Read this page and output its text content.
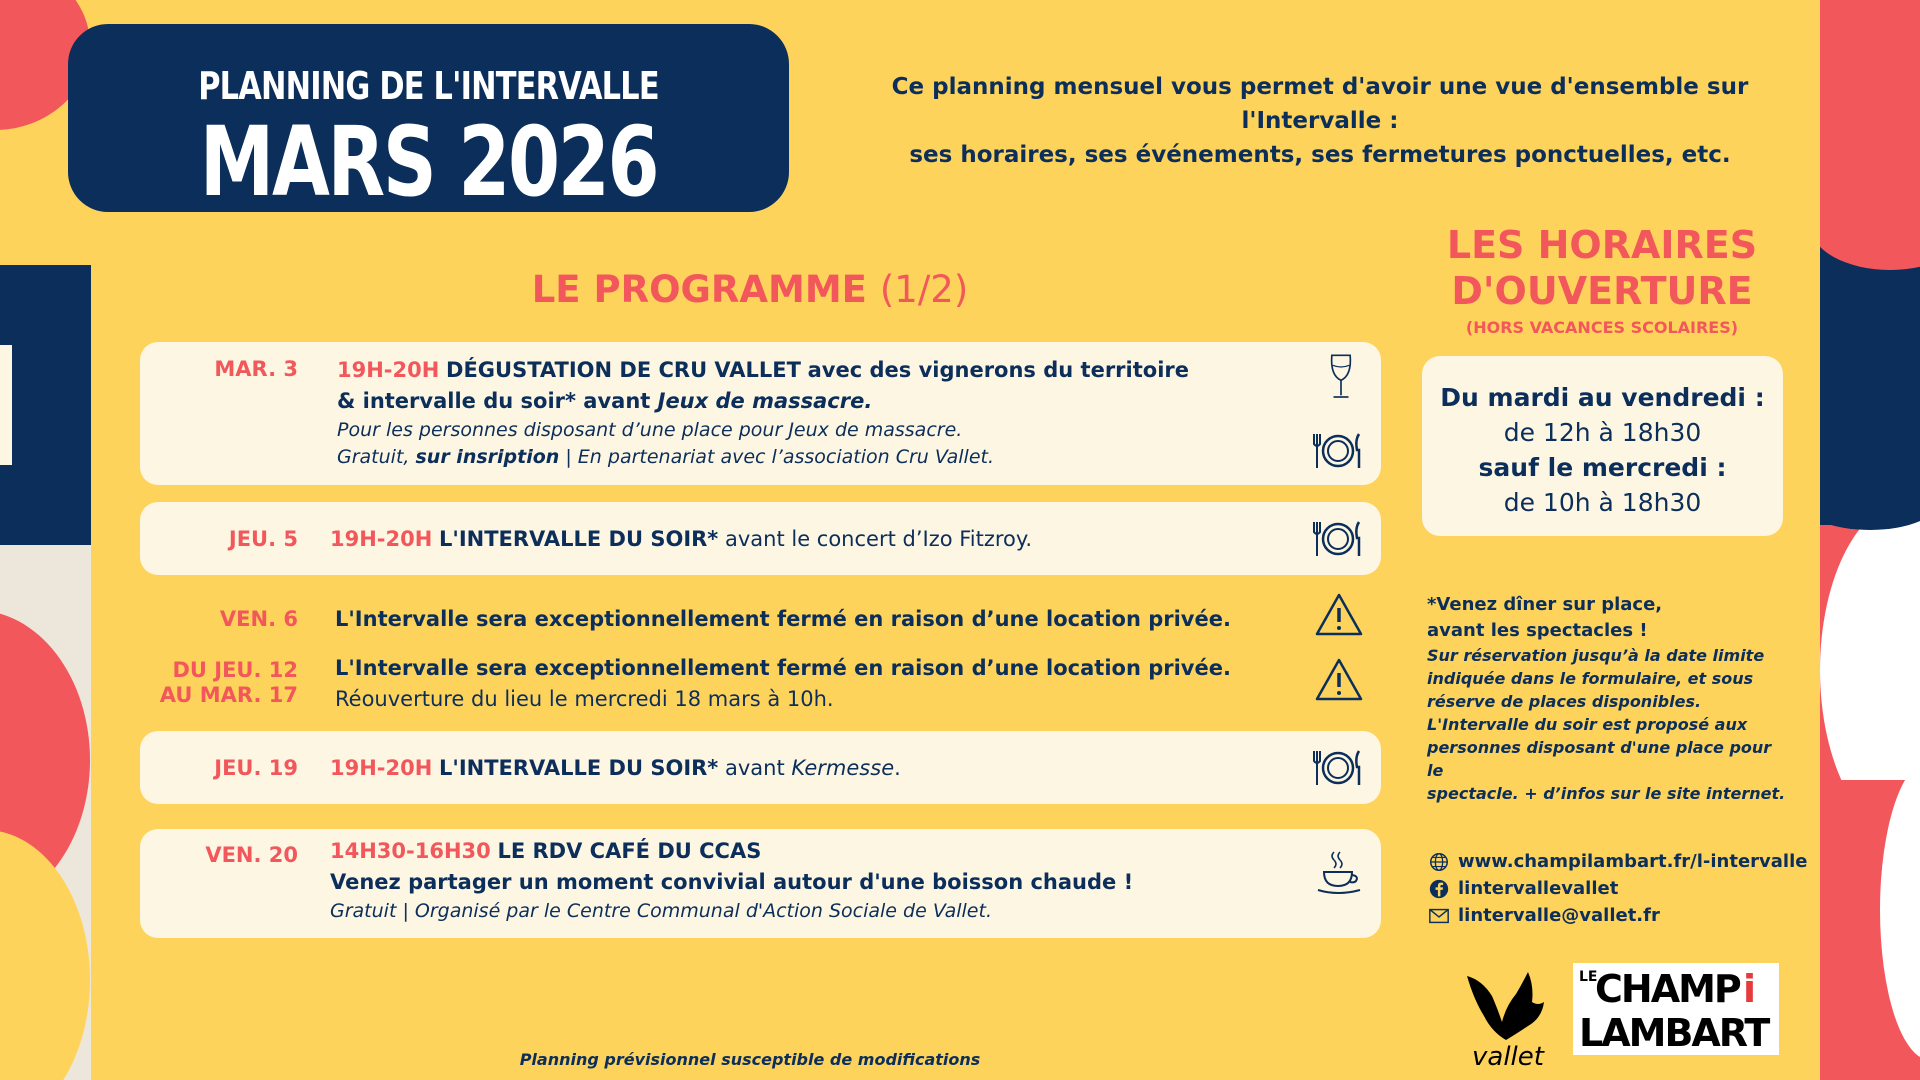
PLANNING DE L'INTERVALLE
MARS 2026
Ce planning mensuel vous permet d'avoir une vue d'ensemble sur l'Intervalle :
ses horaires, ses événements, ses fermetures ponctuelles, etc.
LE PROGRAMME (1/2)
MAR. 3 19H-20H DÉGUSTATION DE CRU VALLET avec des vignerons du territoire
& intervalle du soir* avant Jeux de massacre.
Pour les personnes disposant d’une place pour Jeux de massacre.
Gratuit, sur insription | En partenariat avec l’association Cru Vallet.
JEU. 5 19H-20H L'INTERVALLE DU SOIR* avant le concert d’Izo Fitzroy.
VEN. 6 L'Intervalle sera exceptionnellement fermé en raison d’une location privée.
DU JEU. 12
AU MAR. 17
L'Intervalle sera exceptionnellement fermé en raison d’une location privée.
Réouverture du lieu le mercredi 18 mars à 10h.
JEU. 19 19H-20H L'INTERVALLE DU SOIR* avant Kermesse.
VEN. 20 14H30-16H30 LE RDV CAFÉ DU CCAS
Venez partager un moment convivial autour d'une boisson chaude !
Gratuit | Organisé par le Centre Communal d'Action Sociale de Vallet.
LES HORAIRES
D'OUVERTURE
(HORS VACANCES SCOLAIRES)
Du mardi au vendredi :
de 12h à 18h30
sauf le mercredi :
de 10h à 18h30
*Venez dîner sur place,
avant les spectacles !
Sur réservation jusqu’à la date limite
indiquée dans le formulaire, et sous
réserve de places disponibles.
L'Intervalle du soir est proposé aux
personnes disposant d'une place pour le
spectacle. + d’infos sur le site internet.
www.champilambart.fr/l-intervalle
lintervallevallet
lintervalle@vallet.fr
Planning prévisionnel susceptible de modifications	vallet
LE
CHAMP i
LAMBART
